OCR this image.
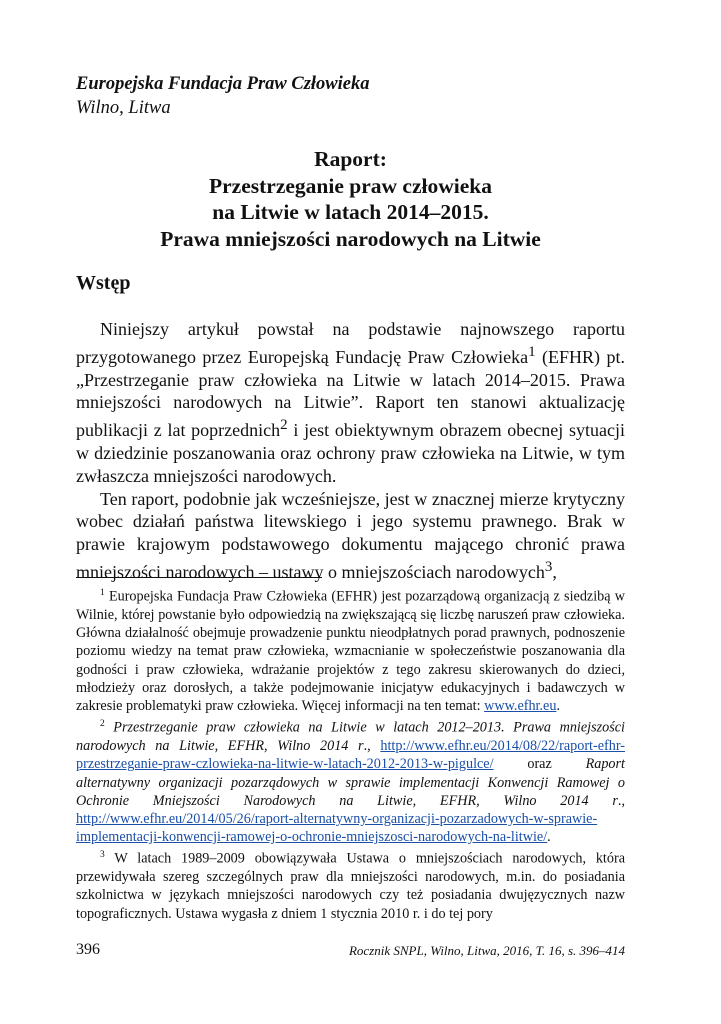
Europejska Fundacja Praw Człowieka
Wilno, Litwa
Raport:
Przestrzeganie praw człowieka
na Litwie w latach 2014–2015.
Prawa mniejszości narodowych na Litwie
Wstęp

Niniejszy artykuł powstał na podstawie najnowszego raportu przygotowanego przez Europejską Fundację Praw Człowieka$^1$ (EFHR) pt. „Przestrzeganie praw człowieka na Litwie w latach 2014–2015. Prawa mniejszości narodowych na Litwie”. Raport ten stanowi aktualizację publikacji z lat poprzednich$^2$ i jest obiektywnym obrazem obecnej sytuacji w dziedzinie poszanowania oraz ochrony praw człowieka na Litwie, w tym zwłaszcza mniejszości narodowych.

Ten raport, podobnie jak wcześniejsze, jest w znacznej mierze krytyczny wobec działań państwa litewskiego i jego systemu prawnego. Brak w prawie krajowym podstawowego dokumentu mającego chronić prawa mniejszości narodowych – ustawy o mniejszościach narodowych$^3$,

$^1$ Europejska Fundacja Praw Człowieka (EFHR) jest pozarządową organizacją z siedzibą w Wilnie, której powstanie było odpowiedzią na zwiększającą się liczbę naruszeń praw człowieka. Główna działalność obejmuje prowadzenie punktu nieodpłatnych porad prawnych, podnoszenie poziomu wiedzy na temat praw człowieka, wzmacnianie w społeczeństwie poszanowania dla godności i praw człowieka, wdrażanie projektów z tego zakresu skierowanych do dzieci, młodzieży oraz dorosłych, a także podejmowanie inicjatyw edukacyjnych i badawczych w zakresie problematyki praw człowieka. Więcej informacji na ten temat: www.efhr.eu.

$^2$ Przestrzeganie praw człowieka na Litwie w latach 2012–2013. Prawa mniejszości narodowych na Litwie, EFHR, Wilno 2014 r., http://www.efhr.eu/2014/08/22/raport-efhr-przestrzeganie-praw-czlowieka-na-litwie-w-latach-2012-2013-w-pigulce/ oraz Raport alternatywny organizacji pozarządowych w sprawie implementacji Konwencji Ramowej o Ochronie Mniejszości Narodowych na Litwie, EFHR, Wilno 2014 r., http://www.efhr.eu/2014/05/26/raport-alternatywny-organizacji-pozarzadowych-w-sprawie-implementacji-konwencji-ramowej-o-ochronie-mniejszosci-narodowych-na-litwie/.

$^3$ W latach 1989–2009 obowiązywała Ustawa o mniejszościach narodowych, która przewidywała szereg szczególnych praw dla mniejszości narodowych, m.in. do posiadania szkolnictwa w językach mniejszości narodowych czy też posiadania dwujęzycznych nazw topograficznych. Ustawa wygasła z dniem 1 stycznia 2010 r. i do tej pory

396	Rocznik SNPL, Wilno, Litwa, 2016, T. 16, s. 396–414
